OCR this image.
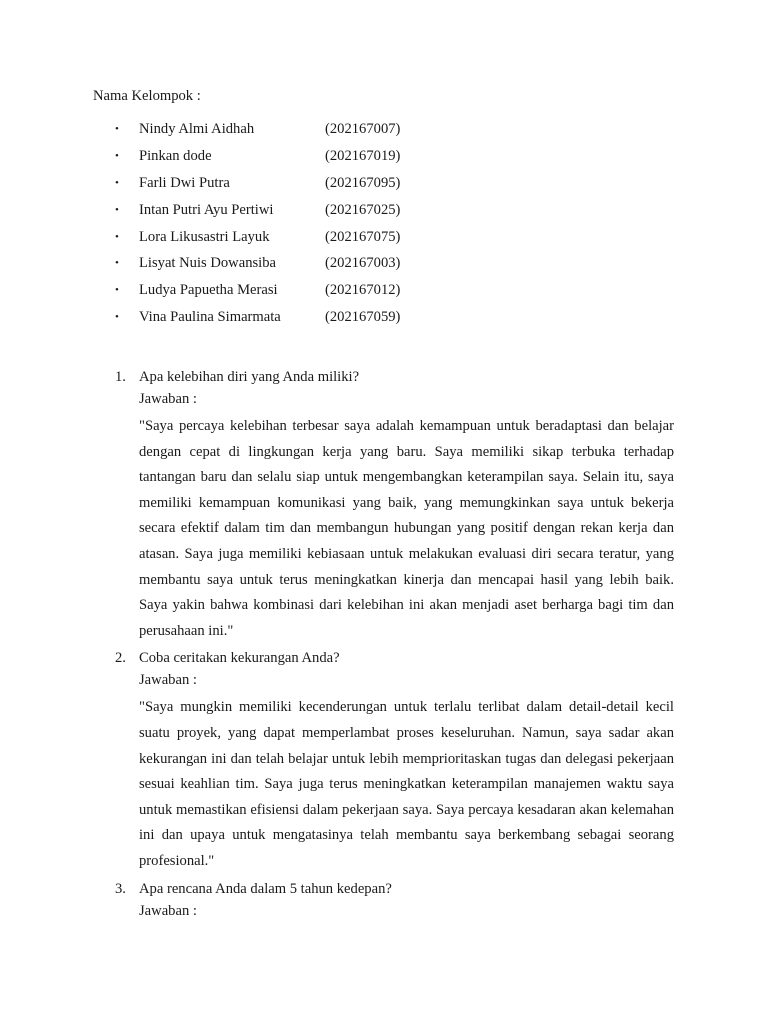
Nama Kelompok :
• Nindy Almi Aidhah	(202167007)
• Pinkan dode	(202167019)
• Farli Dwi Putra	(202167095)
• Intan Putri Ayu Pertiwi	(202167025)
• Lora Likusastri Layuk	(202167075)
• Lisyat Nuis Dowansiba	(202167003)
• Ludya Papuetha Merasi	(202167012)
• Vina Paulina Simarmata	(202167059)
1. Apa kelebihan diri yang Anda miliki?
Jawaban :

"Saya percaya kelebihan terbesar saya adalah kemampuan untuk beradaptasi dan belajar dengan cepat di lingkungan kerja yang baru. Saya memiliki sikap terbuka terhadap tantangan baru dan selalu siap untuk mengembangkan keterampilan saya. Selain itu, saya memiliki kemampuan komunikasi yang baik, yang memungkinkan saya untuk bekerja secara efektif dalam tim dan membangun hubungan yang positif dengan rekan kerja dan atasan. Saya juga memiliki kebiasaan untuk melakukan evaluasi diri secara teratur, yang membantu saya untuk terus meningkatkan kinerja dan mencapai hasil yang lebih baik. Saya yakin bahwa kombinasi dari kelebihan ini akan menjadi aset berharga bagi tim dan perusahaan ini."

2. Coba ceritakan kekurangan Anda?
Jawaban :

"Saya mungkin memiliki kecenderungan untuk terlalu terlibat dalam detail-detail kecil suatu proyek, yang dapat memperlambat proses keseluruhan. Namun, saya sadar akan kekurangan ini dan telah belajar untuk lebih memprioritaskan tugas dan delegasi pekerjaan sesuai keahlian tim. Saya juga terus meningkatkan keterampilan manajemen waktu saya untuk memastikan efisiensi dalam pekerjaan saya. Saya percaya kesadaran akan kelemahan ini dan upaya untuk mengatasinya telah membantu saya berkembang sebagai seorang profesional."

3. Apa rencana Anda dalam 5 tahun kedepan?
Jawaban :
